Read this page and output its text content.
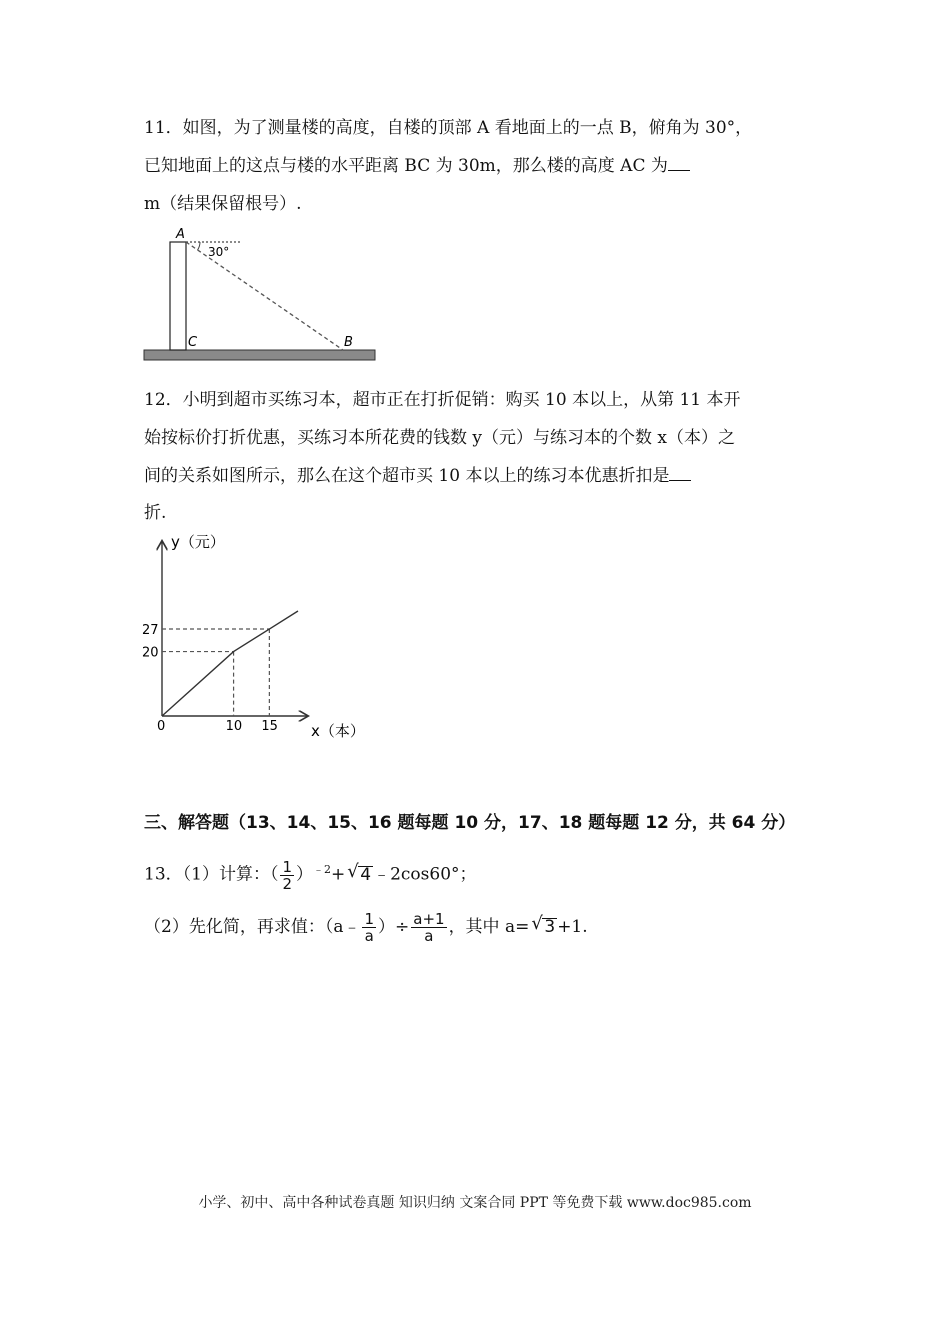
11．如图，为了测量楼的高度，自楼的顶部 A 看地面上的一点 B，俯角为 30°，
已知地面上的这点与楼的水平距离 BC 为 30m，那么楼的高度 AC 为
m（结果保留根号）.
A
30°
C	B
12．小明到超市买练习本，超市正在打折促销：购买 10 本以上，从第 11 本开
始按标价打折优惠，买练习本所花费的钱数 y（元）与练习本的个数 x（本）之
间的关系如图所示，那么在这个超市买 10 本以上的练习本优惠折扣是
折.
y（元）
x（本）
0	10 15
20
27
三、解答题（13、14、15、16 题每题 10 分，17、18 题每题 12 分，共 64 分）
13．（1）计算：（ $\frac{1}{2} )^{﹣2}+$ √ 4 ﹣2cos60°；
（2）先化简，再求值：（a﹣ $\frac{1}{a}$ ）÷ $\frac{a+1}{a}$ ，其中 a= √ 3 +1.
小学、初中、高中各种试卷真题 知识归纳 文案合同 PPT 等免费下载 www.doc985.com
